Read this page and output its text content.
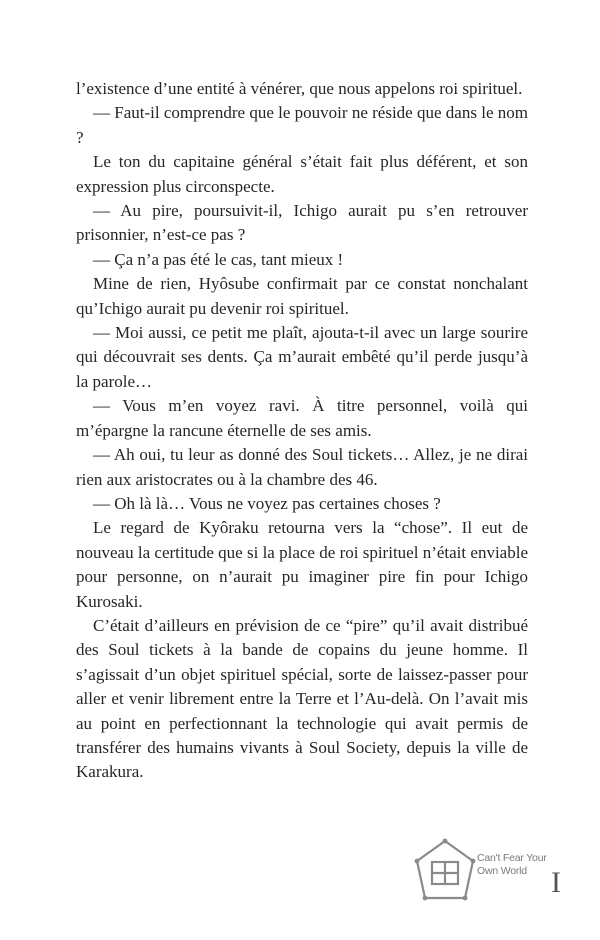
l’existence d’une entité à vénérer, que nous appelons roi spirituel.

— Faut-il comprendre que le pouvoir ne réside que dans le nom ?

Le ton du capitaine général s’était fait plus déférent, et son expression plus circonspecte.

— Au pire, poursuivit-il, Ichigo aurait pu s’en retrouver prisonnier, n’est-ce pas ?

— Ça n’a pas été le cas, tant mieux !

Mine de rien, Hyôsube confirmait par ce constat nonchalant qu’Ichigo aurait pu devenir roi spirituel.

— Moi aussi, ce petit me plaît, ajouta-t-il avec un large sourire qui découvrait ses dents. Ça m’aurait embêté qu’il perde jusqu’à la parole…

— Vous m’en voyez ravi. À titre personnel, voilà qui m’épargne la rancune éternelle de ses amis.

— Ah oui, tu leur as donné des Soul tickets… Allez, je ne dirai rien aux aristocrates ou à la chambre des 46.

— Oh là là… Vous ne voyez pas certaines choses ?

Le regard de Kyôraku retourna vers la “chose”. Il eut de nouveau la certitude que si la place de roi spirituel n’était enviable pour personne, on n’aurait pu imaginer pire fin pour Ichigo Kurosaki.

C’était d’ailleurs en prévision de ce “pire” qu’il avait distribué des Soul tickets à la bande de copains du jeune homme. Il s’agissait d’un objet spirituel spécial, sorte de laissez-passer pour aller et venir librement entre la Terre et l’Au-delà. On l’avait mis au point en perfectionnant la technologie qui avait permis de transférer des humains vivants à Soul Society, depuis la ville de Karakura.

Can't Fear Your
Own World I
